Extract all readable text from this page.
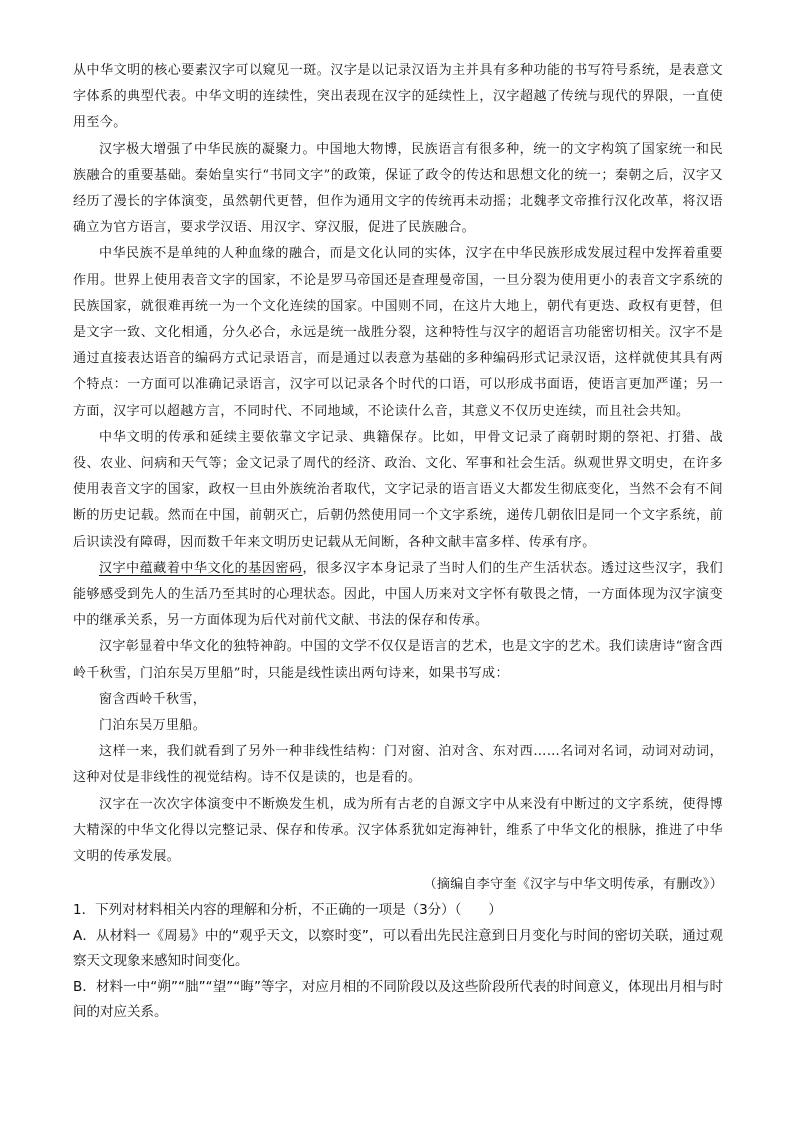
从中华文明的核心要素汉字可以窥见一斑。汉字是以记录汉语为主并具有多种功能的书写符号系统，是表意文字体系的典型代表。中华文明的连续性，突出表现在汉字的延续性上，汉字超越了传统与现代的界限，一直使用至今。

汉字极大增强了中华民族的凝聚力。中国地大物博，民族语言有很多种，统一的文字构筑了国家统一和民族融合的重要基础。秦始皇实行“书同文字”的政策，保证了政令的传达和思想文化的统一；秦朝之后，汉字又经历了漫长的字体演变，虽然朝代更替，但作为通用文字的传统再未动摇；北魏孝文帝推行汉化改革，将汉语确立为官方语言，要求学汉语、用汉字、穿汉服，促进了民族融合。

中华民族不是单纯的人种血缘的融合，而是文化认同的实体，汉字在中华民族形成发展过程中发挥着重要作用。世界上使用表音文字的国家，不论是罗马帝国还是查理曼帝国，一旦分裂为使用更小的表音文字系统的民族国家，就很难再统一为一个文化连续的国家。中国则不同，在这片大地上，朝代有更迭、政权有更替，但是文字一致、文化相通，分久必合，永远是统一战胜分裂，这种特性与汉字的超语言功能密切相关。汉字不是通过直接表达语音的编码方式记录语言，而是通过以表意为基础的多种编码形式记录汉语，这样就使其具有两个特点：一方面可以准确记录语言，汉字可以记录各个时代的口语，可以形成书面语，使语言更加严谨；另一方面，汉字可以超越方言，不同时代、不同地域，不论读什么音，其意义不仅历史连续，而且社会共知。

中华文明的传承和延续主要依靠文字记录、典籍保存。比如，甲骨文记录了商朝时期的祭祀、打猎、战役、农业、问病和天气等；金文记录了周代的经济、政治、文化、军事和社会生活。纵观世界文明史，在许多使用表音文字的国家，政权一旦由外族统治者取代，文字记录的语言语义大都发生彻底变化，当然不会有不间断的历史记载。然而在中国，前朝灭亡，后朝仍然使用同一个文字系统，递传几朝依旧是同一个文字系统，前后识读没有障碍，因而数千年来文明历史记载从无间断，各种文献丰富多样、传承有序。

汉字中蕴藏着中华文化的基因密码，很多汉字本身记录了当时人们的生产生活状态。透过这些汉字，我们能够感受到先人的生活乃至其时的心理状态。因此，中国人历来对文字怀有敬畏之情，一方面体现为汉字演变中的继承关系，另一方面体现为后代对前代文献、书法的保存和传承。

汉字彰显着中华文化的独特神韵。中国的文学不仅仅是语言的艺术，也是文字的艺术。我们读唐诗“窗含西岭千秋雪，门泊东吴万里船”时，只能是线性读出两句诗来，如果书写成：

窗含西岭千秋雪，

门泊东吴万里船。

这样一来，我们就看到了另外一种非线性结构：门对窗、泊对含、东对西……名词对名词，动词对动词，这种对仗是非线性的视觉结构。诗不仅是读的，也是看的。

汉字在一次次字体演变中不断焕发生机，成为所有古老的自源文字中从来没有中断过的文字系统，使得博大精深的中华文化得以完整记录、保存和传承。汉字体系犹如定海神针，维系了中华文化的根脉，推进了中华文明的传承发展。

（摘编自李守奎《汉字与中华文明传承，有删改》）

1．下列对材料相关内容的理解和分析，不正确的一项是（3分）（　　）

A．从材料一《周易》中的“观乎天文，以察时变”，可以看出先民注意到日月变化与时间的密切关联，通过观察天文现象来感知时间变化。

B．材料一中“朔”“朏”“望”“晦”等字，对应月相的不同阶段以及这些阶段所代表的时间意义，体现出月相与时间的对应关系。
